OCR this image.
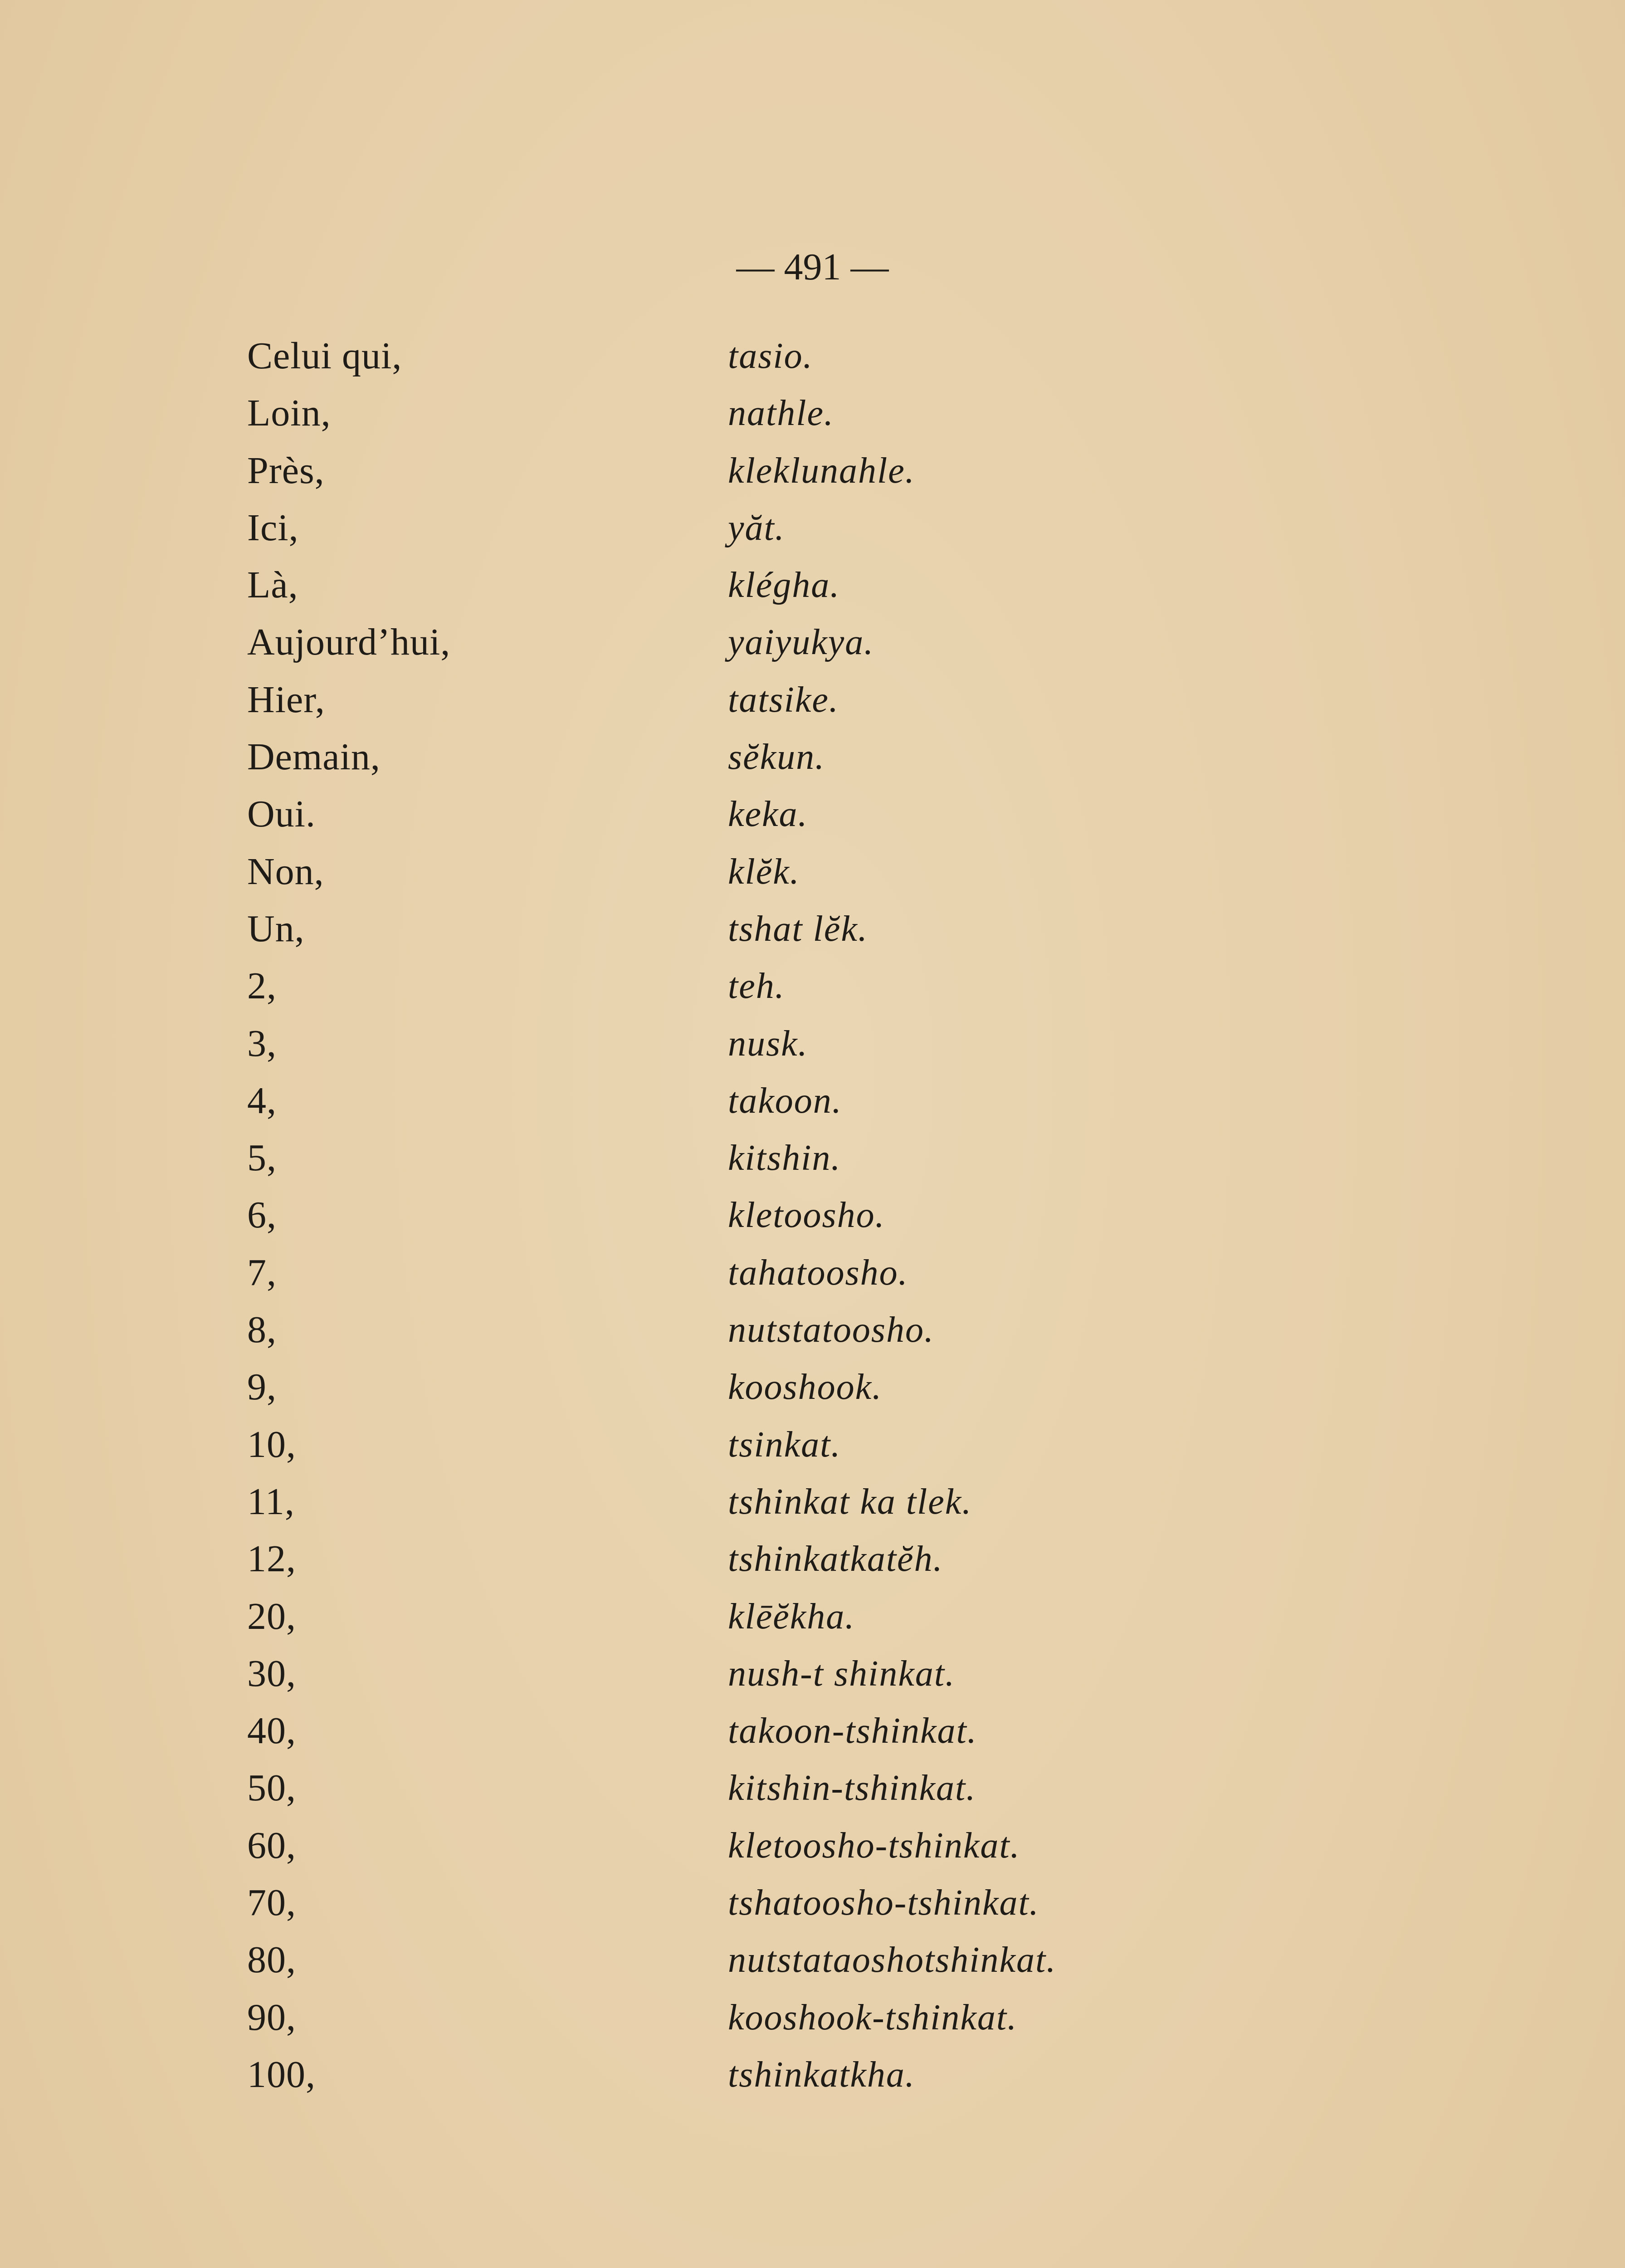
— 491 —
Celui qui,	tasio.
Loin,	nathle.
Près,	kleklunahle.
Ici,	yăt.
Là,	klégha.
Aujourd’hui,	yaiyukya.
Hier,	tatsike.
Demain,	sĕkun.
Oui.	keka.
Non,	klĕk.
Un,	tshat lĕk.
2,	teh.
3,	nusk.
4,	takoon.
5,	kitshin.
6,	kletoosho.
7,	tahatoosho.
8,	nutstatoosho.
9,	kooshook.
10,	tsinkat.
11,	tshinkat ka tlek.
12,	tshinkatkatĕh.
20,	klēĕkha.
30,	nush-t shinkat.
40,	takoon-tshinkat.
50,	kitshin-tshinkat.
60,	kletoosho-tshinkat.
70,	tshatoosho-tshinkat.
80,	nutstataoshotshinkat.
90,	kooshook-tshinkat.
100,	tshinkatkha.
